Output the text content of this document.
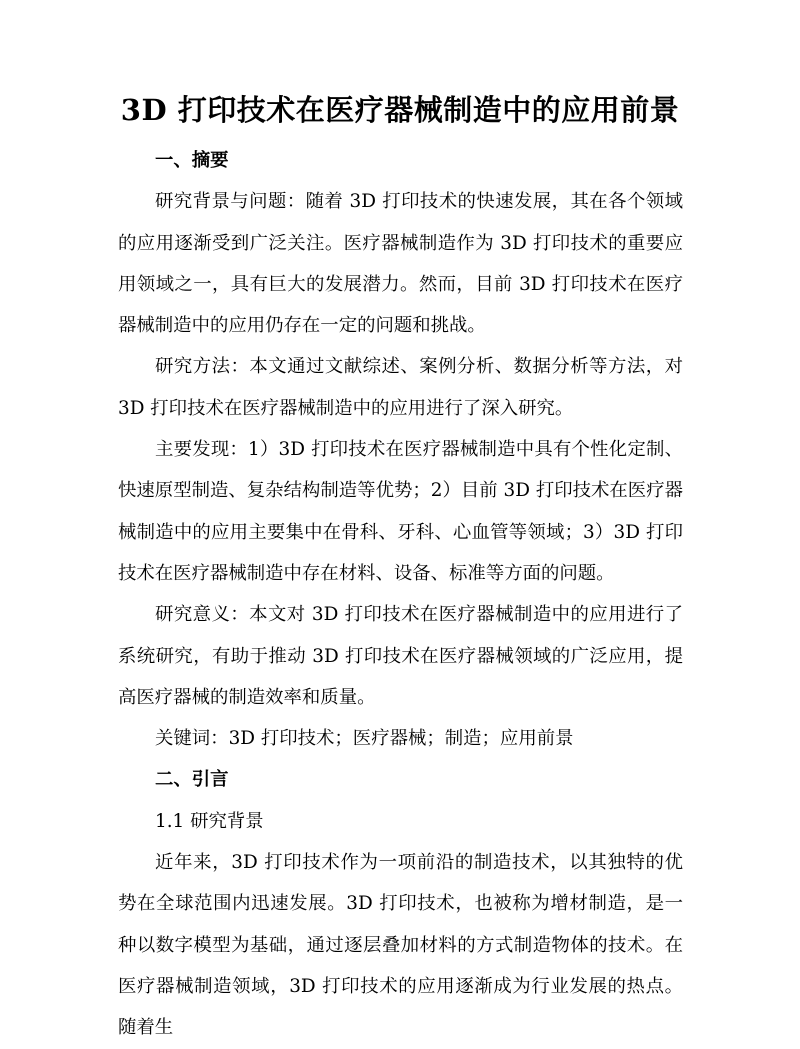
3D 打印技术在医疗器械制造中的应用前景

一、摘要

研究背景与问题：随着 3D 打印技术的快速发展，其在各个领域的应用逐渐受到广泛关注。医疗器械制造作为 3D 打印技术的重要应用领域之一，具有巨大的发展潜力。然而，目前 3D 打印技术在医疗器械制造中的应用仍存在一定的问题和挑战。

研究方法：本文通过文献综述、案例分析、数据分析等方法，对 3D 打印技术在医疗器械制造中的应用进行了深入研究。

主要发现：1）3D 打印技术在医疗器械制造中具有个性化定制、快速原型制造、复杂结构制造等优势；2）目前 3D 打印技术在医疗器械制造中的应用主要集中在骨科、牙科、心血管等领域；3）3D 打印技术在医疗器械制造中存在材料、设备、标准等方面的问题。

研究意义：本文对 3D 打印技术在医疗器械制造中的应用进行了系统研究，有助于推动 3D 打印技术在医疗器械领域的广泛应用，提高医疗器械的制造效率和质量。

关键词：3D 打印技术；医疗器械；制造；应用前景

二、引言

1.1 研究背景

近年来，3D 打印技术作为一项前沿的制造技术，以其独特的优势在全球范围内迅速发展。3D 打印技术，也被称为增材制造，是一种以数字模型为基础，通过逐层叠加材料的方式制造物体的技术。在医疗器械制造领域，3D 打印技术的应用逐渐成为行业发展的热点。随着生
